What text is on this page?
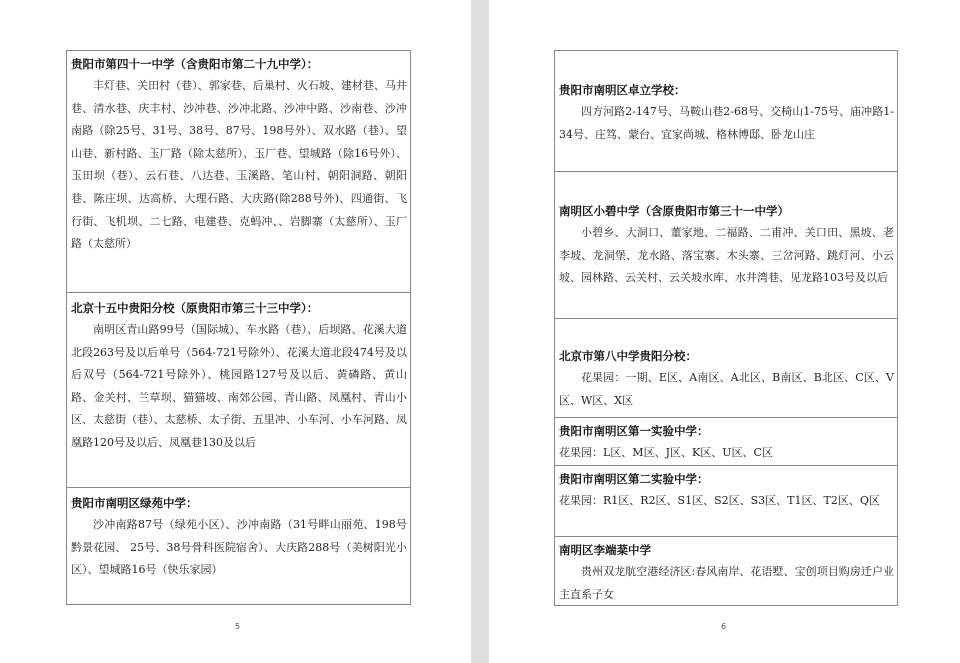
贵阳市第四十一中学（含贵阳市第二十九中学）：
丰灯巷、关田村（巷）、郭家巷、后巢村、火石坡、建材巷、马井巷、清水巷、庆丰村、沙冲巷、沙冲北路、沙冲中路、沙南巷、沙冲南路（除25号、31号、38号、87号、198号外）、双水路（巷）、望山巷、新村路、玉厂路（除太慈所）、玉厂巷、望城路（除16号外）、玉田坝（巷）、云石巷、八达巷、玉溪路、笔山村、朝阳洞路、朝阳巷、陈庄坝、达高桥、大理石路、大庆路(除288号外)、四通街、飞行街、飞机坝、二七路、电建巷、克蚂冲、、岩脚寨（太慈所）、玉厂路（太慈所）
北京十五中贵阳分校（原贵阳市第三十三中学）：
南明区青山路99号（国际城）、车水路（巷）、后坝路、花溪大道北段263号及以后单号（564-721号除外）、花溪大道北段474号及以后双号（564-721号除外）、桃园路127号及以后、黄磷路、黄山路、金关村、兰草坝、猫猫坡、南郊公园、青山路、凤凰村、青山小区、太慈街（巷）、太慈桥、太子街、五里冲、小车河、小车河路、凤凰路120号及以后、凤凰巷130及以后
贵阳市南明区绿苑中学：
沙冲南路87号（绿苑小区）、沙冲南路（31号畔山丽苑、198号黔景花园、 25号、38号骨科医院宿舍）、大庆路288号（美树阳光小区）、望城路16号（快乐家园）
5
贵阳市南明区卓立学校：
四方河路2-147号、马鞍山巷2-68号、交椅山1-75号、庙冲路1-34号、庄笃、蒙台、宜家尚城、格林博邸、卧龙山庄
南明区小碧中学（含原贵阳市第三十一中学）
小碧乡、大洞口、董家地、二福路、二甫冲、关口田、黑坡、老李坡、龙洞堡、龙水路、落宝寨、木头寨、三岔河路、跳灯河、小云坡、园林路、云关村、云关坡水库、水井湾巷、见龙路103号及以后
北京市第八中学贵阳分校：
花果园：一期、E区、A南区、A北区、B南区、B北区、C区、V区、W区、X区
贵阳市南明区第一实验中学：
花果园：L区、M区、J区、K区、U区、C区
贵阳市南明区第二实验中学：
花果园：R1区、R2区、S1区、S2区、S3区、T1区、T2区、Q区
南明区李端棻中学
贵州双龙航空港经济区:春风南岸、花语墅、宝创项目购房迁户业主直系子女
6
